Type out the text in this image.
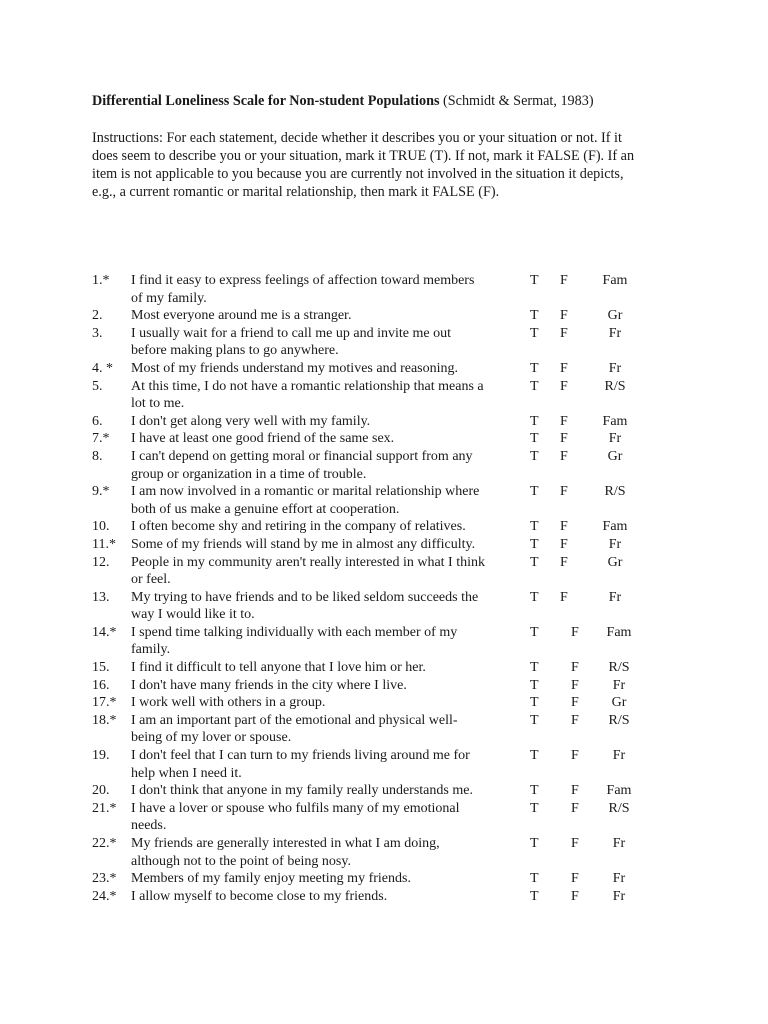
Differential Loneliness Scale for Non-student Populations (Schmidt & Sermat, 1983)
Instructions: For each statement, decide whether it describes you or your situation or not. If it
does seem to describe you or your situation, mark it TRUE (T). If not, mark it FALSE (F). If an
item is not applicable to you because you are currently not involved in the situation it depicts,
e.g., a current romantic or marital relationship, then mark it FALSE (F).
1.* I find it easy to express feelings of affection toward members
of my family.
T F Fam
2. Most everyone around me is a stranger.	T F	Gr
3. I usually wait for a friend to call me up and invite me out
before making plans to go anywhere.
T F	Fr
4. * Most of my friends understand my motives and reasoning.	T F	Fr
5. At this time, I do not have a romantic relationship that means a
lot to me.
T F	R/S
6. I don't get along very well with my family.	T F Fam
7.* I have at least one good friend of the same sex.	T F	Fr
8. I can't depend on getting moral or financial support from any
group or organization in a time of trouble.
T F	Gr
9.* I am now involved in a romantic or marital relationship where
both of us make a genuine effort at cooperation.
T F	R/S
10. I often become shy and retiring in the company of relatives.	T F Fam
11.* Some of my friends will stand by me in almost any difficulty.	T F	Fr
12. People in my community aren't really interested in what I think
or feel.
T F	Gr
13. My trying to have friends and to be liked seldom succeeds the
way I would like it to.
T F	Fr
14.* I spend time talking individually with each member of my
family.
T F Fam
15. I find it difficult to tell anyone that I love him or her.	T F	R/S
16. I don't have many friends in the city where I live.	T F	Fr
17.* I work well with others in a group.	T F	Gr
18.* I am an important part of the emotional and physical well-
being of my lover or spouse.
T F	R/S
19. I don't feel that I can turn to my friends living around me for
help when I need it.
T F	Fr
20. I don't think that anyone in my family really understands me.	T F Fam
21.* I have a lover or spouse who fulfils many of my emotional
needs.
T F	R/S
22.* My friends are generally interested in what I am doing,
although not to the point of being nosy.
T F	Fr
23.* Members of my family enjoy meeting my friends.	T F	Fr
24.* I allow myself to become close to my friends.	T F	Fr
